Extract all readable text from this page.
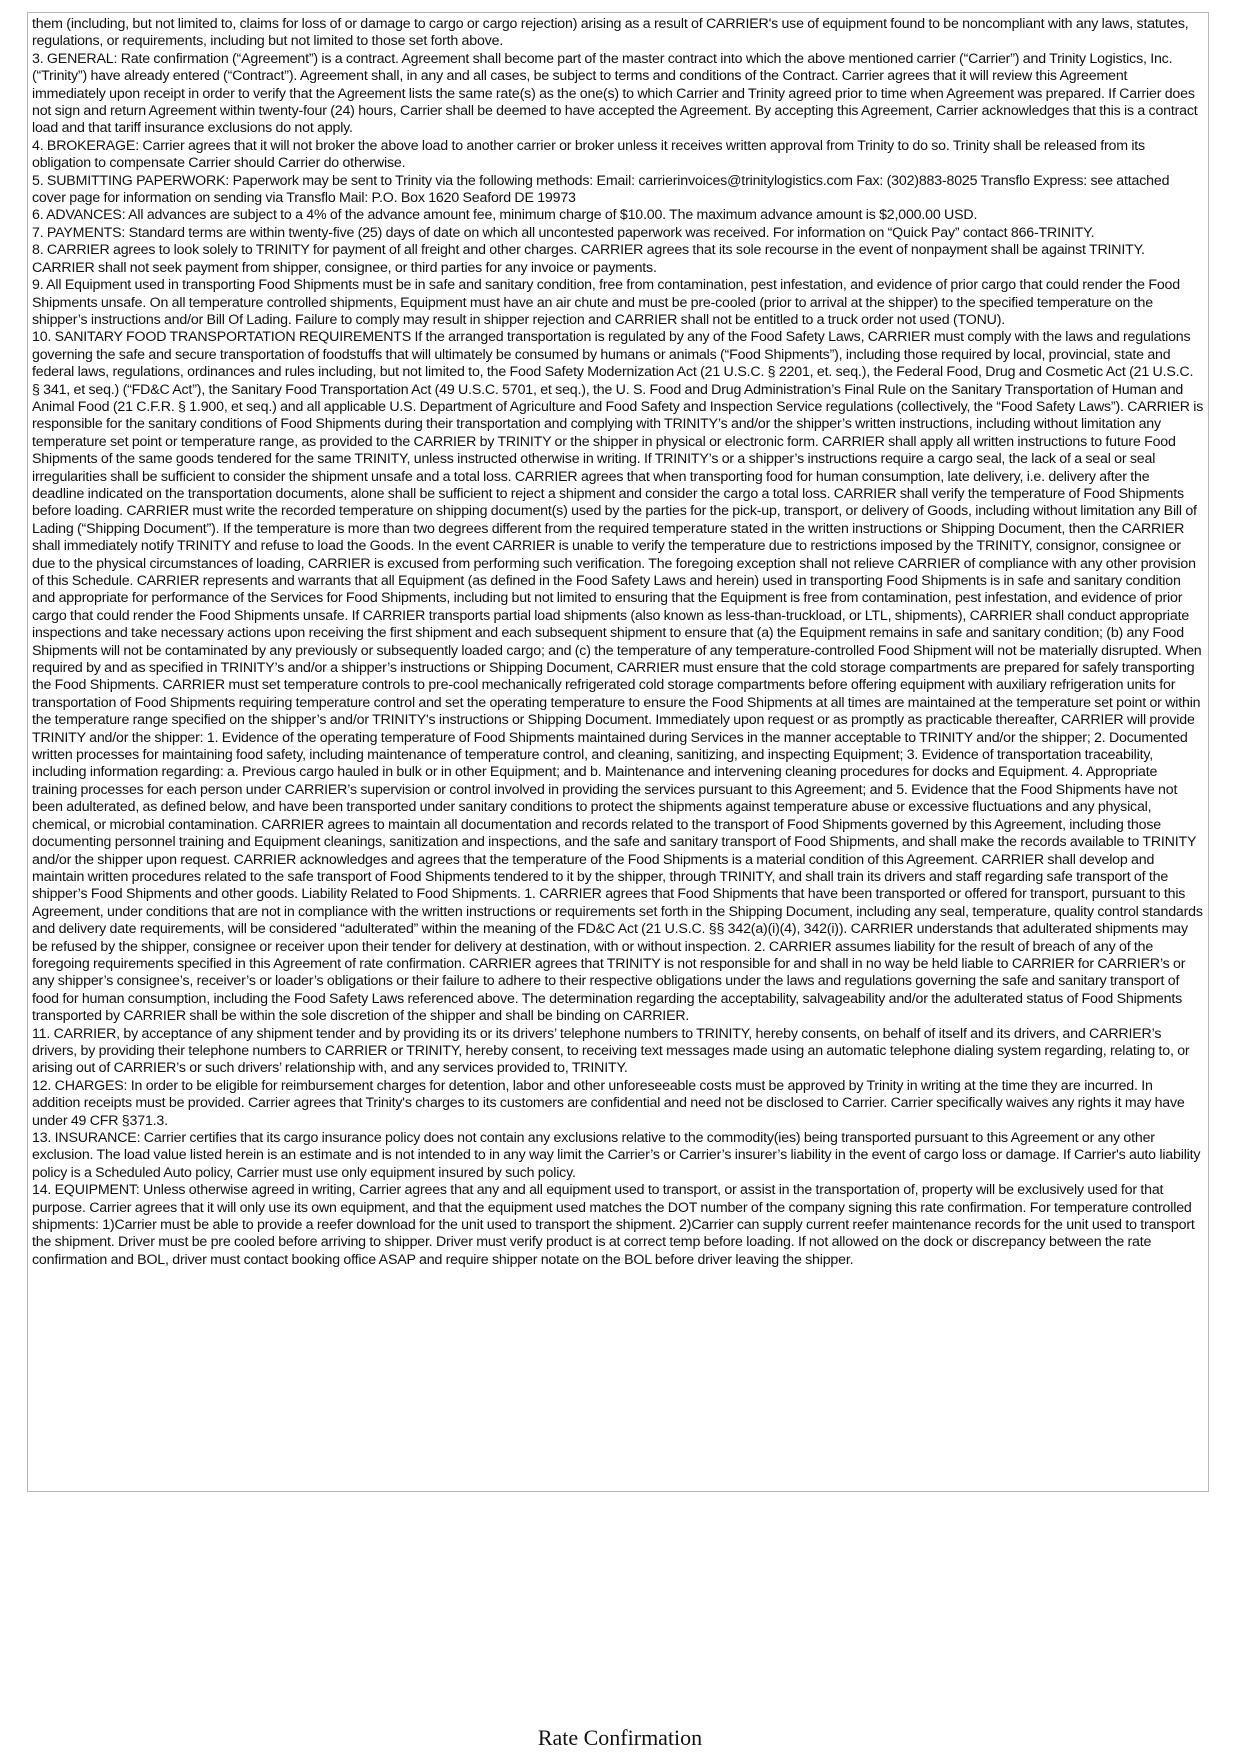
them (including, but not limited to, claims for loss of or damage to cargo or cargo rejection) arising as a result of CARRIER's use of equipment found to be noncompliant with any laws, statutes, regulations, or requirements, including but not limited to those set forth above.

3. GENERAL: Rate confirmation (“Agreement”) is a contract. Agreement shall become part of the master contract into which the above mentioned carrier (“Carrier”) and Trinity Logistics, Inc. (“Trinity”) have already entered (“Contract”). Agreement shall, in any and all cases, be subject to terms and conditions of the Contract. Carrier agrees that it will review this Agreement immediately upon receipt in order to verify that the Agreement lists the same rate(s) as the one(s) to which Carrier and Trinity agreed prior to time when Agreement was prepared. If Carrier does not sign and return Agreement within twenty-four (24) hours, Carrier shall be deemed to have accepted the Agreement. By accepting this Agreement, Carrier acknowledges that this is a contract load and that tariff insurance exclusions do not apply.

4. BROKERAGE: Carrier agrees that it will not broker the above load to another carrier or broker unless it receives written approval from Trinity to do so. Trinity shall be released from its obligation to compensate Carrier should Carrier do otherwise.

5. SUBMITTING PAPERWORK: Paperwork may be sent to Trinity via the following methods: Email: carrierinvoices@trinitylogistics.com Fax: (302)883-8025 Transflo Express: see attached cover page for information on sending via Transflo Mail: P.O. Box 1620 Seaford DE 19973

6. ADVANCES: All advances are subject to a 4% of the advance amount fee, minimum charge of $10.00. The maximum advance amount is $2,000.00 USD.

7. PAYMENTS: Standard terms are within twenty-five (25) days of date on which all uncontested paperwork was received. For information on “Quick Pay” contact 866-TRINITY.

8. CARRIER agrees to look solely to TRINITY for payment of all freight and other charges. CARRIER agrees that its sole recourse in the event of nonpayment shall be against TRINITY. CARRIER shall not seek payment from shipper, consignee, or third parties for any invoice or payments.

9. All Equipment used in transporting Food Shipments must be in safe and sanitary condition, free from contamination, pest infestation, and evidence of prior cargo that could render the Food Shipments unsafe. On all temperature controlled shipments, Equipment must have an air chute and must be pre-cooled (prior to arrival at the shipper) to the specified temperature on the shipper’s instructions and/or Bill Of Lading. Failure to comply may result in shipper rejection and CARRIER shall not be entitled to a truck order not used (TONU).

10. SANITARY FOOD TRANSPORTATION REQUIREMENTS If the arranged transportation is regulated by any of the Food Safety Laws, CARRIER must comply with the laws and regulations governing the safe and secure transportation of foodstuffs that will ultimately be consumed by humans or animals (“Food Shipments”), including those required by local, provincial, state and federal laws, regulations, ordinances and rules including, but not limited to, the Food Safety Modernization Act (21 U.S.C. § 2201, et. seq.), the Federal Food, Drug and Cosmetic Act (21 U.S.C. § 341, et seq.) (“FD&C Act”), the Sanitary Food Transportation Act (49 U.S.C. 5701, et seq.), the U. S. Food and Drug Administration’s Final Rule on the Sanitary Transportation of Human and Animal Food (21 C.F.R. § 1.900, et seq.) and all applicable U.S. Department of Agriculture and Food Safety and Inspection Service regulations (collectively, the “Food Safety Laws”). CARRIER is responsible for the sanitary conditions of Food Shipments during their transportation and complying with TRINITY’s and/or the shipper’s written instructions, including without limitation any temperature set point or temperature range, as provided to the CARRIER by TRINITY or the shipper in physical or electronic form. CARRIER shall apply all written instructions to future Food Shipments of the same goods tendered for the same TRINITY, unless instructed otherwise in writing. If TRINITY’s or a shipper’s instructions require a cargo seal, the lack of a seal or seal irregularities shall be sufficient to consider the shipment unsafe and a total loss. CARRIER agrees that when transporting food for human consumption, late delivery, i.e. delivery after the deadline indicated on the transportation documents, alone shall be sufficient to reject a shipment and consider the cargo a total loss. CARRIER shall verify the temperature of Food Shipments before loading. CARRIER must write the recorded temperature on shipping document(s) used by the parties for the pick-up, transport, or delivery of Goods, including without limitation any Bill of Lading (“Shipping Document”). If the temperature is more than two degrees different from the required temperature stated in the written instructions or Shipping Document, then the CARRIER shall immediately notify TRINITY and refuse to load the Goods. In the event CARRIER is unable to verify the temperature due to restrictions imposed by the TRINITY, consignor, consignee or due to the physical circumstances of loading, CARRIER is excused from performing such verification. The foregoing exception shall not relieve CARRIER of compliance with any other provision of this Schedule. CARRIER represents and warrants that all Equipment (as defined in the Food Safety Laws and herein) used in transporting Food Shipments is in safe and sanitary condition and appropriate for performance of the Services for Food Shipments, including but not limited to ensuring that the Equipment is free from contamination, pest infestation, and evidence of prior cargo that could render the Food Shipments unsafe. If CARRIER transports partial load shipments (also known as less-than-truckload, or LTL, shipments), CARRIER shall conduct appropriate inspections and take necessary actions upon receiving the first shipment and each subsequent shipment to ensure that (a) the Equipment remains in safe and sanitary condition; (b) any Food Shipments will not be contaminated by any previously or subsequently loaded cargo; and (c) the temperature of any temperature-controlled Food Shipment will not be materially disrupted. When required by and as specified in TRINITY’s and/or a shipper’s instructions or Shipping Document, CARRIER must ensure that the cold storage compartments are prepared for safely transporting the Food Shipments. CARRIER must set temperature controls to pre-cool mechanically refrigerated cold storage compartments before offering equipment with auxiliary refrigeration units for transportation of Food Shipments requiring temperature control and set the operating temperature to ensure the Food Shipments at all times are maintained at the temperature set point or within the temperature range specified on the shipper’s and/or TRINITY's instructions or Shipping Document. Immediately upon request or as promptly as practicable thereafter, CARRIER will provide TRINITY and/or the shipper: 1. Evidence of the operating temperature of Food Shipments maintained during Services in the manner acceptable to TRINITY and/or the shipper; 2. Documented written processes for maintaining food safety, including maintenance of temperature control, and cleaning, sanitizing, and inspecting Equipment; 3. Evidence of transportation traceability, including information regarding: a. Previous cargo hauled in bulk or in other Equipment; and b. Maintenance and intervening cleaning procedures for docks and Equipment. 4. Appropriate training processes for each person under CARRIER’s supervision or control involved in providing the services pursuant to this Agreement; and 5. Evidence that the Food Shipments have not been adulterated, as defined below, and have been transported under sanitary conditions to protect the shipments against temperature abuse or excessive fluctuations and any physical, chemical, or microbial contamination. CARRIER agrees to maintain all documentation and records related to the transport of Food Shipments governed by this Agreement, including those documenting personnel training and Equipment cleanings, sanitization and inspections, and the safe and sanitary transport of Food Shipments, and shall make the records available to TRINITY and/or the shipper upon request. CARRIER acknowledges and agrees that the temperature of the Food Shipments is a material condition of this Agreement. CARRIER shall develop and maintain written procedures related to the safe transport of Food Shipments tendered to it by the shipper, through TRINITY, and shall train its drivers and staff regarding safe transport of the shipper’s Food Shipments and other goods. Liability Related to Food Shipments. 1. CARRIER agrees that Food Shipments that have been transported or offered for transport, pursuant to this Agreement, under conditions that are not in compliance with the written instructions or requirements set forth in the Shipping Document, including any seal, temperature, quality control standards and delivery date requirements, will be considered “adulterated” within the meaning of the FD&C Act (21 U.S.C. §§ 342(a)(i)(4), 342(i)). CARRIER understands that adulterated shipments may be refused by the shipper, consignee or receiver upon their tender for delivery at destination, with or without inspection. 2. CARRIER assumes liability for the result of breach of any of the foregoing requirements specified in this Agreement of rate confirmation. CARRIER agrees that TRINITY is not responsible for and shall in no way be held liable to CARRIER for CARRIER’s or any shipper’s consignee’s, receiver’s or loader’s obligations or their failure to adhere to their respective obligations under the laws and regulations governing the safe and sanitary transport of food for human consumption, including the Food Safety Laws referenced above. The determination regarding the acceptability, salvageability and/or the adulterated status of Food Shipments transported by CARRIER shall be within the sole discretion of the shipper and shall be binding on CARRIER.

11. CARRIER, by acceptance of any shipment tender and by providing its or its drivers’ telephone numbers to TRINITY, hereby consents, on behalf of itself and its drivers, and CARRIER’s drivers, by providing their telephone numbers to CARRIER or TRINITY, hereby consent, to receiving text messages made using an automatic telephone dialing system regarding, relating to, or arising out of CARRIER’s or such drivers’ relationship with, and any services provided to, TRINITY.

12. CHARGES: In order to be eligible for reimbursement charges for detention, labor and other unforeseeable costs must be approved by Trinity in writing at the time they are incurred. In addition receipts must be provided. Carrier agrees that Trinity's charges to its customers are confidential and need not be disclosed to Carrier. Carrier specifically waives any rights it may have under 49 CFR §371.3.

13. INSURANCE: Carrier certifies that its cargo insurance policy does not contain any exclusions relative to the commodity(ies) being transported pursuant to this Agreement or any other exclusion. The load value listed herein is an estimate and is not intended to in any way limit the Carrier’s or Carrier’s insurer’s liability in the event of cargo loss or damage. If Carrier's auto liability policy is a Scheduled Auto policy, Carrier must use only equipment insured by such policy.

14. EQUIPMENT: Unless otherwise agreed in writing, Carrier agrees that any and all equipment used to transport, or assist in the transportation of, property will be exclusively used for that purpose. Carrier agrees that it will only use its own equipment, and that the equipment used matches the DOT number of the company signing this rate confirmation. For temperature controlled shipments: 1)Carrier must be able to provide a reefer download for the unit used to transport the shipment. 2)Carrier can supply current reefer maintenance records for the unit used to transport the shipment. Driver must be pre cooled before arriving to shipper. Driver must verify product is at correct temp before loading. If not allowed on the dock or discrepancy between the rate confirmation and BOL, driver must contact booking office ASAP and require shipper notate on the BOL before driver leaving the shipper.

Rate Confirmation
